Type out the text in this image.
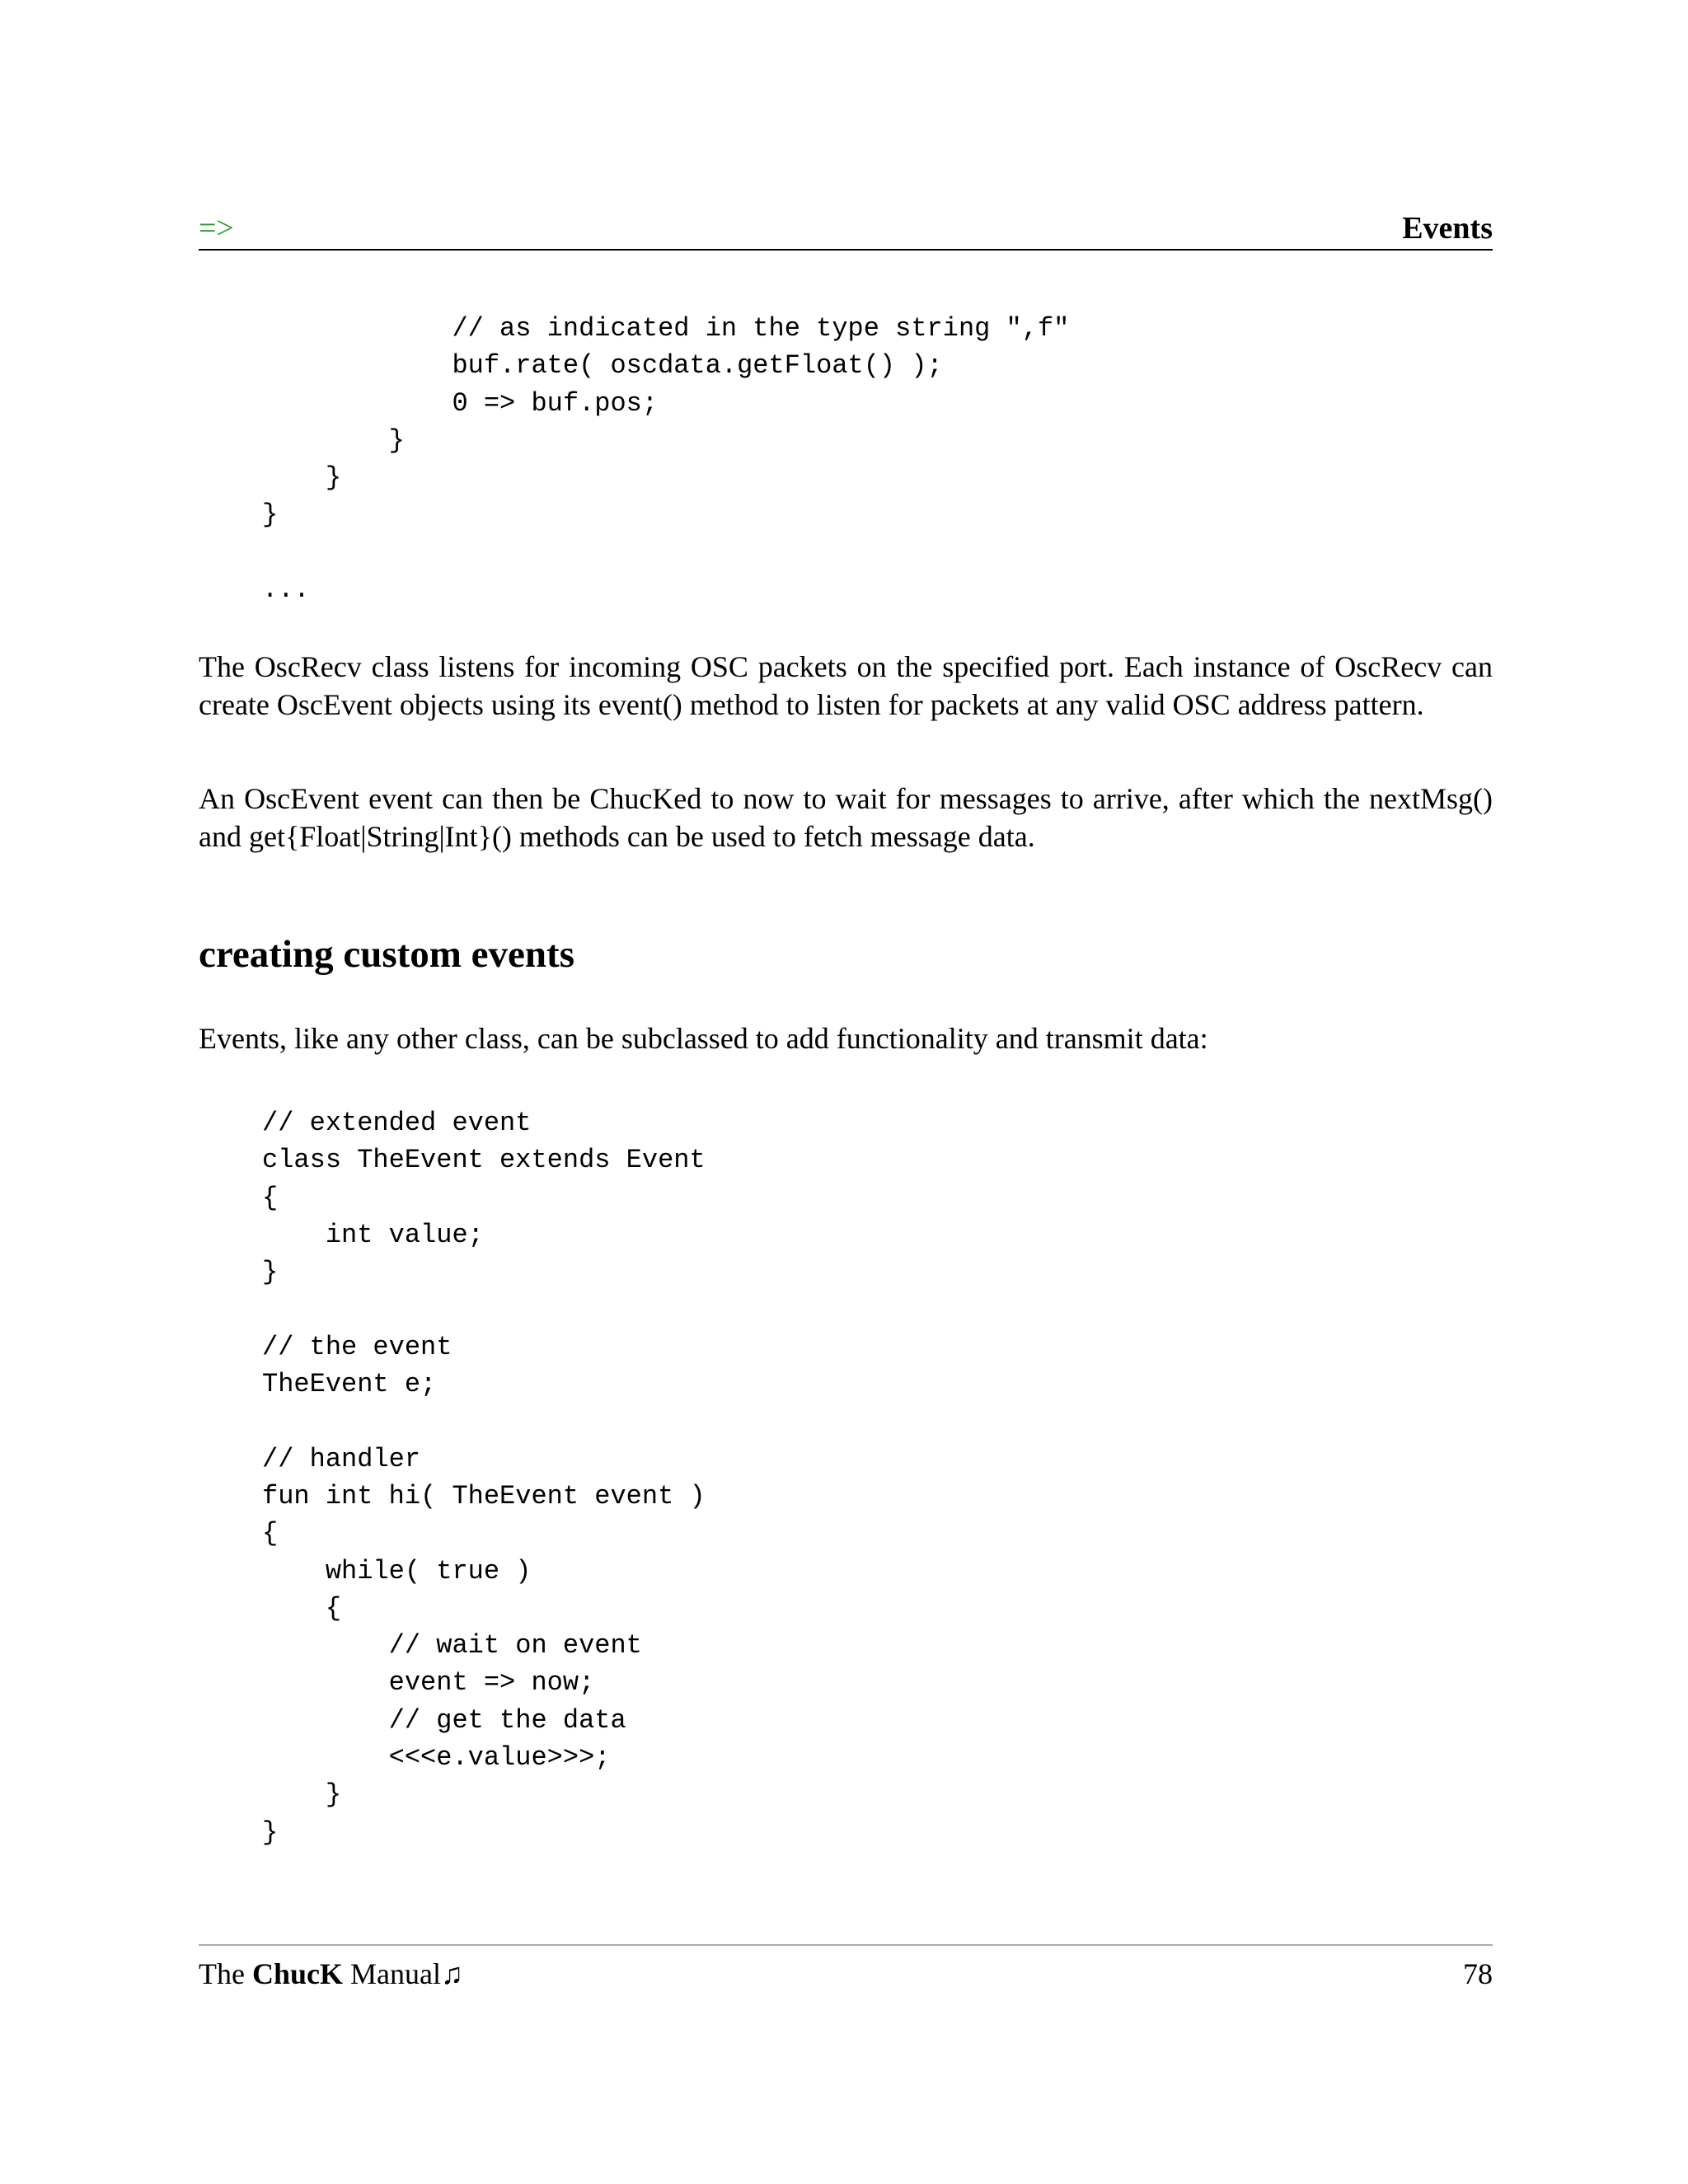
=>	Events
// as indicated in the type string ",f"
buf.rate( oscdata.getFloat() );
0 => buf.pos;
}
}
}

...

The OscRecv class listens for incoming OSC packets on the specified port. Each instance of OscRecv can create OscEvent objects using its event() method to listen for packets at any valid OSC address pattern.

An OscEvent event can then be ChucKed to now to wait for messages to arrive, after which the nextMsg() and get{Float|String|Int}() methods can be used to fetch message data.

creating custom events

Events, like any other class, can be subclassed to add functionality and transmit data:

// extended event
class TheEvent extends Event
{
int value;
}

// the event
TheEvent e;

// handler
fun int hi( TheEvent event )
{
while( true )
{
// wait on event
event => now;
// get the data
<<<e.value>>>;
}
}
The ChucK Manual♫	78
